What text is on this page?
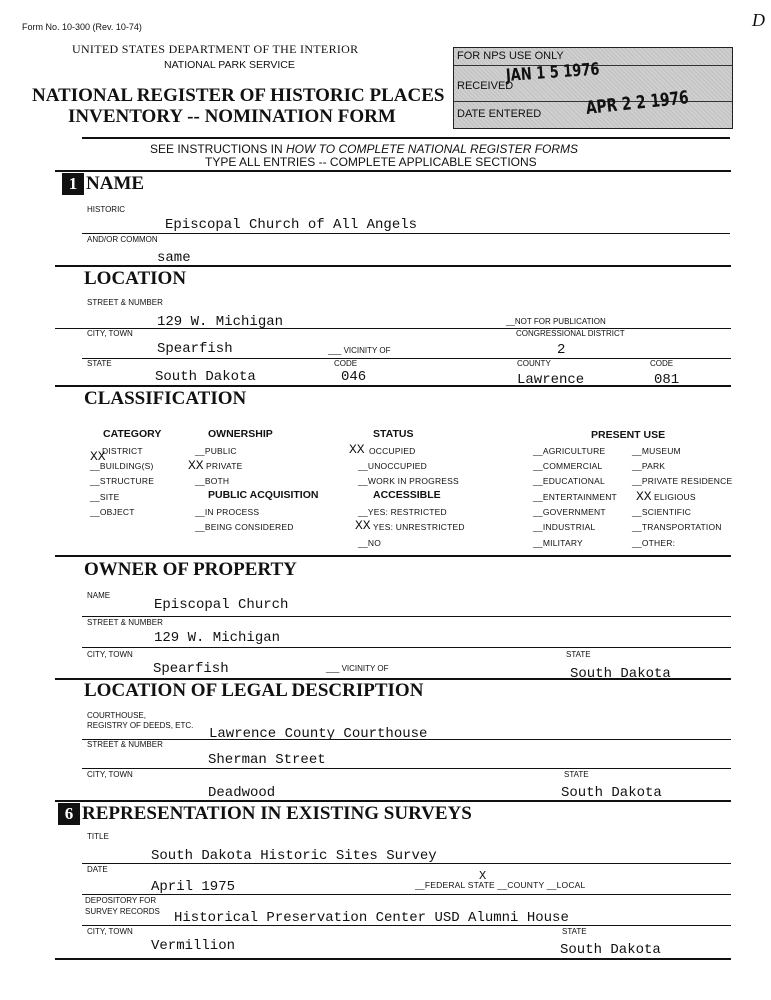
Form No. 10-300 (Rev. 10-74)	D
UNITED STATES DEPARTMENT OF THE INTERIOR
NATIONAL PARK SERVICE
NATIONAL REGISTER OF HISTORIC PLACES
INVENTORY -- NOMINATION FORM
FOR NPS USE ONLY
RECEIVED
JAN 1 5 1976
DATE ENTERED APR 2 2 1976
SEE INSTRUCTIONS IN HOW TO COMPLETE NATIONAL REGISTER FORMS
TYPE ALL ENTRIES -- COMPLETE APPLICABLE SECTIONS
1 NAME
HISTORIC
Episcopal Church of All Angels
AND/OR COMMON
same
LOCATION
STREET & NUMBER
129 W. Michigan	__NOT FOR PUBLICATION
CITY, TOWN	CONGRESSIONAL DISTRICT
Spearfish	___ VICINITY OF	2
STATE	CODE	COUNTY	CODE
South Dakota	046	Lawrence	081
CLASSIFICATION
CATEGORY
DISTRICT
XX
__BUILDING(S)
__STRUCTURE
__SITE
__OBJECT
OWNERSHIP
__PUBLIC
XX PRIVATE
__BOTH
PUBLIC ACQUISITION
__IN PROCESS
__BEING CONSIDERED
STATUS
XX OCCUPIED
__UNOCCUPIED
__WORK IN PROGRESS
ACCESSIBLE
__YES: RESTRICTED
XX YES: UNRESTRICTED
__NO
PRESENT USE
__AGRICULTURE
__COMMERCIAL
__EDUCATIONAL
__ENTERTAINMENT
__GOVERNMENT
__INDUSTRIAL
__MILITARY
__MUSEUM
__PARK
__PRIVATE RESIDENCE
XX ELIGIOUS
__SCIENTIFIC
__TRANSPORTATION
__OTHER:
OWNER OF PROPERTY
NAME
Episcopal Church
STREET & NUMBER
129 W. Michigan
CITY, TOWN	STATE
Spearfish	___ VICINITY OF	South Dakota
LOCATION OF LEGAL DESCRIPTION
COURTHOUSE,
REGISTRY OF DEEDS, ETC.
Lawrence County Courthouse
STREET & NUMBER
Sherman Street
CITY, TOWN	STATE
Deadwood	South Dakota
6 REPRESENTATION IN EXISTING SURVEYS
TITLE
South Dakota Historic Sites Survey
DATE
April 1975
X
__FEDERAL STATE __COUNTY __LOCAL
DEPOSITORY FOR
SURVEY RECORDS Historical Preservation Center USD Alumni House
CITY, TOWN	STATE
Vermillion	South Dakota
